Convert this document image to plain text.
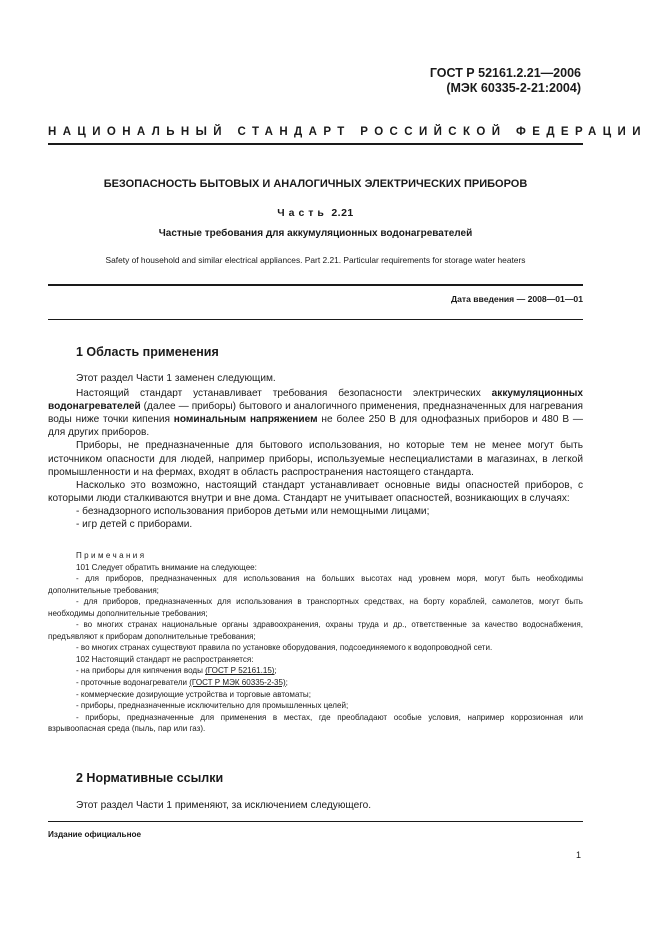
ГОСТ Р 52161.2.21—2006
(МЭК 60335-2-21:2004)
НАЦИОНАЛЬНЫЙ СТАНДАРТ РОССИЙСКОЙ ФЕДЕРАЦИИ
БЕЗОПАСНОСТЬ БЫТОВЫХ И АНАЛОГИЧНЫХ ЭЛЕКТРИЧЕСКИХ ПРИБОРОВ
Часть 2.21
Частные требования для аккумуляционных водонагревателей
Safety of household and similar electrical appliances. Part 2.21. Particular requirements for storage water heaters
Дата введения — 2008—01—01
1 Область применения

Этот раздел Части 1 заменен следующим.

Настоящий стандарт устанавливает требования безопасности электрических аккумуляционных водонагревателей (далее — приборы) бытового и аналогичного применения, предназначенных для нагревания воды ниже точки кипения номинальным напряжением не более 250 В для однофазных приборов и 480 В — для других приборов.

Приборы, не предназначенные для бытового использования, но которые тем не менее могут быть источником опасности для людей, например приборы, используемые неспециалистами в магазинах, в легкой промышленности и на фермах, входят в область распространения настоящего стандарта.

Насколько это возможно, настоящий стандарт устанавливает основные виды опасностей приборов, с которыми люди сталкиваются внутри и вне дома. Стандарт не учитывает опасностей, возникающих в случаях:

- безнадзорного использования приборов детьми или немощными лицами;

- игр детей с приборами.

Примечания

101 Следует обратить внимание на следующее:

- для приборов, предназначенных для использования на больших высотах над уровнем моря, могут быть необходимы дополнительные требования;

- для приборов, предназначенных для использования в транспортных средствах, на борту кораблей, самолетов, могут быть необходимы дополнительные требования;

- во многих странах национальные органы здравоохранения, охраны труда и др., ответственные за качество водоснабжения, предъявляют к приборам дополнительные требования;

- во многих странах существуют правила по установке оборудования, подсоединяемого к водопроводной сети.

102 Настоящий стандарт не распространяется:

- на приборы для кипячения воды (ГОСТ Р 52161.15);

- проточные водонагреватели (ГОСТ Р МЭК 60335-2-35);

- коммерческие дозирующие устройства и торговые автоматы;

- приборы, предназначенные исключительно для промышленных целей;

- приборы, предназначенные для применения в местах, где преобладают особые условия, например коррозионная или взрывоопасная среда (пыль, пар или газ).

2 Нормативные ссылки
Этот раздел Части 1 применяют, за исключением следующего.
Издание официальное
1
